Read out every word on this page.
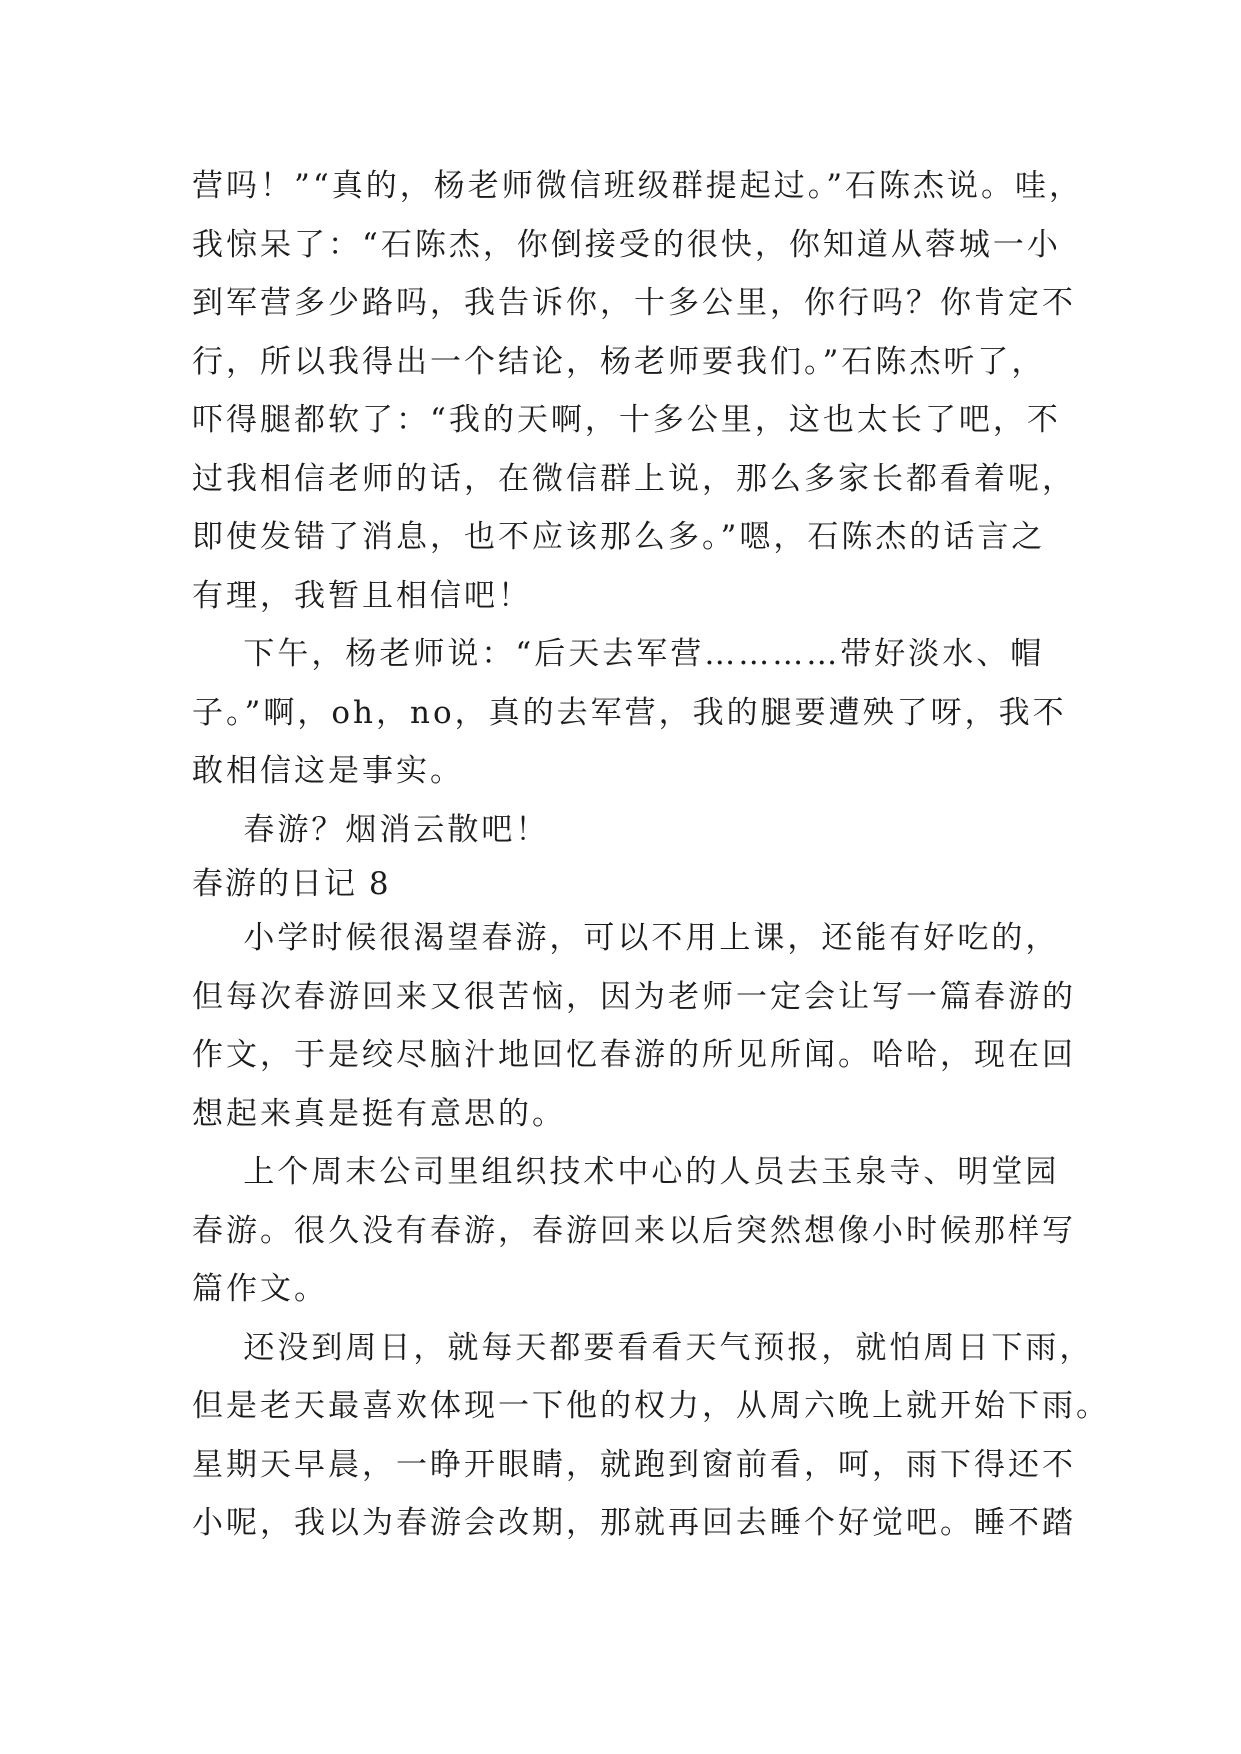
营吗！”“真的，杨老师微信班级群提起过。”石陈杰说。哇，
我惊呆了：“石陈杰，你倒接受的很快，你知道从蓉城一小
到军营多少路吗，我告诉你，十多公里，你行吗？你肯定不
行，所以我得出一个结论，杨老师要我们。”石陈杰听了，
吓得腿都软了：“我的天啊，十多公里，这也太长了吧，不
过我相信老师的话，在微信群上说，那么多家长都看着呢，
即使发错了消息，也不应该那么多。”嗯，石陈杰的话言之
有理，我暂且相信吧！
下午，杨老师说：“后天去军营…………带好淡水、帽
子。”啊，oh，no，真的去军营，我的腿要遭殃了呀，我不
敢相信这是事实。
春游？烟消云散吧！
春游的日记 8
小学时候很渴望春游，可以不用上课，还能有好吃的，
但每次春游回来又很苦恼，因为老师一定会让写一篇春游的
作文，于是绞尽脑汁地回忆春游的所见所闻。哈哈，现在回
想起来真是挺有意思的。
上个周末公司里组织技术中心的人员去玉泉寺、明堂园
春游。很久没有春游，春游回来以后突然想像小时候那样写
篇作文。
还没到周日，就每天都要看看天气预报，就怕周日下雨，
但是老天最喜欢体现一下他的权力，从周六晚上就开始下雨。
星期天早晨，一睁开眼睛，就跑到窗前看，呵，雨下得还不
小呢，我以为春游会改期，那就再回去睡个好觉吧。睡不踏
